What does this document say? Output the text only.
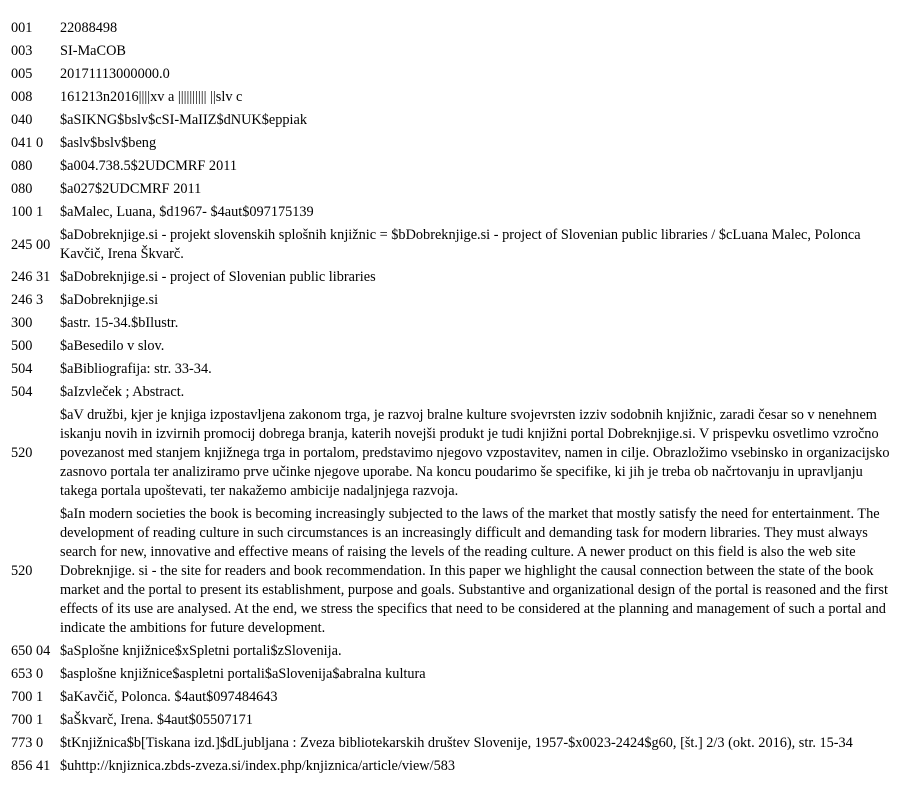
001	22088498
003	SI-MaCOB
005	20171113000000.0
008	161213n2016||||xv a |||||||||| ||slv c
040	$aSIKNG$bslv$cSI-MaIIZ$dNUK$eppiak
041 0	$aslv$bslv$beng
080	$a004.738.5$2UDCMRF 2011
080	$a027$2UDCMRF 2011
100 1	$aMalec, Luana, $d1967- $4aut$097175139
245 00	$aDobreknjige.si - projekt slovenskih splošnih knjižnic = $bDobreknjige.si - project of Slovenian public libraries / $cLuana Malec, Polonca Kavčič, Irena Škvarč.
246 31	$aDobreknjige.si - project of Slovenian public libraries
246 3	$aDobreknjige.si
300	$astr. 15-34.$bIlustr.
500	$aBesedilo v slov.
504	$aBibliografija: str. 33-34.
504	$aIzvleček ; Abstract.
520	$aV družbi, kjer je knjiga izpostavljena zakonom trga, je razvoj bralne kulture svojevrsten izziv sodobnih knjižnic, zaradi česar so v nenehnem iskanju novih in izvirnih promocij dobrega branja, katerih novejši produkt je tudi knjižni portal Dobreknjige.si. V prispevku osvetlimo vzročno povezanost med stanjem knjižnega trga in portalom, predstavimo njegovo vzpostavitev, namen in cilje. Obrazložimo vsebinsko in organizacijsko zasnovo portala ter analiziramo prve učinke njegove uporabe. Na koncu poudarimo še specifike, ki jih je treba ob načrtovanju in upravljanju takega portala upoštevati, ter nakažemo ambicije nadaljnjega razvoja.
520	$aIn modern societies the book is becoming increasingly subjected to the laws of the market that mostly satisfy the need for entertainment. The development of reading culture in such circumstances is an increasingly difficult and demanding task for modern libraries. They must always search for new, innovative and effective means of raising the levels of the reading culture. A newer product on this field is also the web site Dobreknjige. si - the site for readers and book recommendation. In this paper we highlight the causal connection between the state of the book market and the portal to present its establishment, purpose and goals. Substantive and organizational design of the portal is reasoned and the first effects of its use are analysed. At the end, we stress the specifics that need to be considered at the planning and management of such a portal and indicate the ambitions for future development.
650 04	$aSplošne knjižnice$xSpletni portali$zSlovenija.
653 0	$asplošne knjižnice$aspletni portali$aSlovenija$abralna kultura
700 1	$aKavčič, Polonca. $4aut$097484643
700 1	$aŠkvarč, Irena. $4aut$05507171
773 0	$tKnjižnica$b[Tiskana izd.]$dLjubljana : Zveza bibliotekarskih društev Slovenije, 1957-$x0023-2424$g60, [št.] 2/3 (okt. 2016), str. 15-34
856 41	$uhttp://knjiznica.zbds-zveza.si/index.php/knjiznica/article/view/583
